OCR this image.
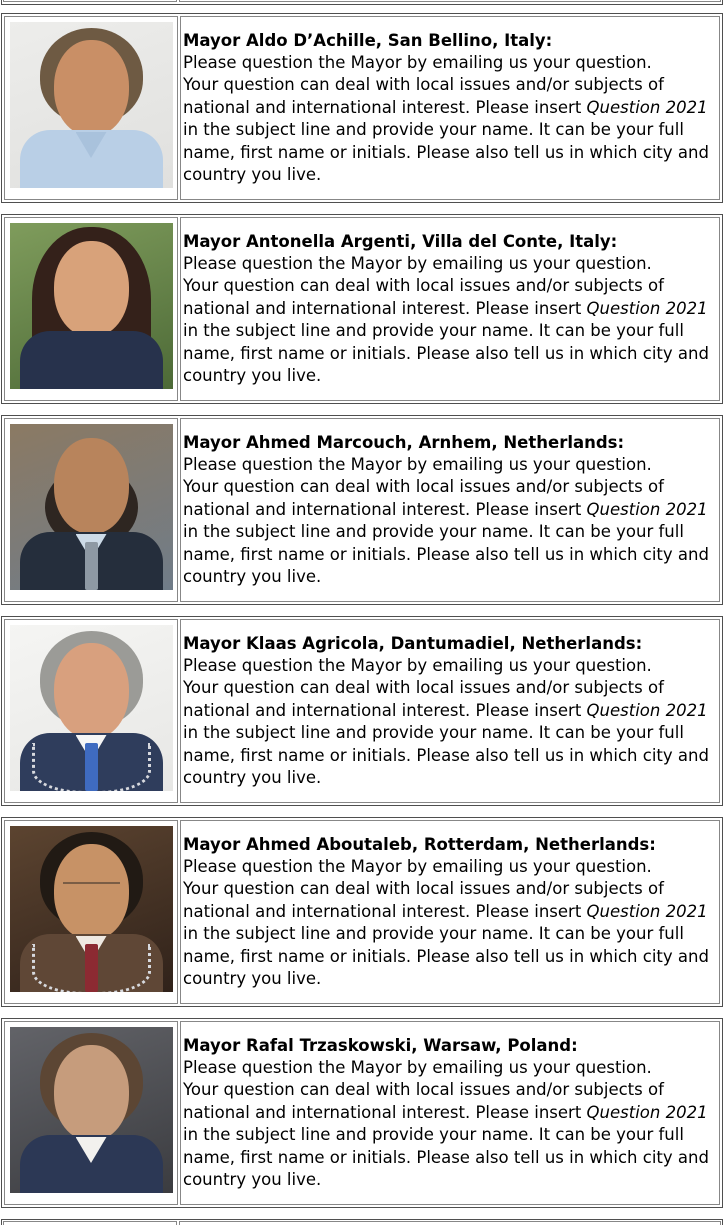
Mayor Aldo D’Achille, San Bellino, Italy:
Please question the Mayor by emailing us your question.
Your question can deal with local issues and/or subjects of national and international interest. Please insert Question 2021 in the subject line and provide your name. It can be your full name, first name or initials. Please also tell us in which city and country you live.

Mayor Antonella Argenti, Villa del Conte, Italy:
Please question the Mayor by emailing us your question.
Your question can deal with local issues and/or subjects of national and international interest. Please insert Question 2021 in the subject line and provide your name. It can be your full name, first name or initials. Please also tell us in which city and country you live.

Mayor Ahmed Marcouch, Arnhem, Netherlands:
Please question the Mayor by emailing us your question.
Your question can deal with local issues and/or subjects of national and international interest. Please insert Question 2021 in the subject line and provide your name. It can be your full name, first name or initials. Please also tell us in which city and country you live.

Mayor Klaas Agricola, Dantumadiel, Netherlands:
Please question the Mayor by emailing us your question.
Your question can deal with local issues and/or subjects of national and international interest. Please insert Question 2021 in the subject line and provide your name. It can be your full name, first name or initials. Please also tell us in which city and country you live.

Mayor Ahmed Aboutaleb, Rotterdam, Netherlands:
Please question the Mayor by emailing us your question.
Your question can deal with local issues and/or subjects of national and international interest. Please insert Question 2021 in the subject line and provide your name. It can be your full name, first name or initials. Please also tell us in which city and country you live.

Mayor Rafal Trzaskowski, Warsaw, Poland:
Please question the Mayor by emailing us your question.
Your question can deal with local issues and/or subjects of national and international interest. Please insert Question 2021 in the subject line and provide your name. It can be your full name, first name or initials. Please also tell us in which city and country you live.
